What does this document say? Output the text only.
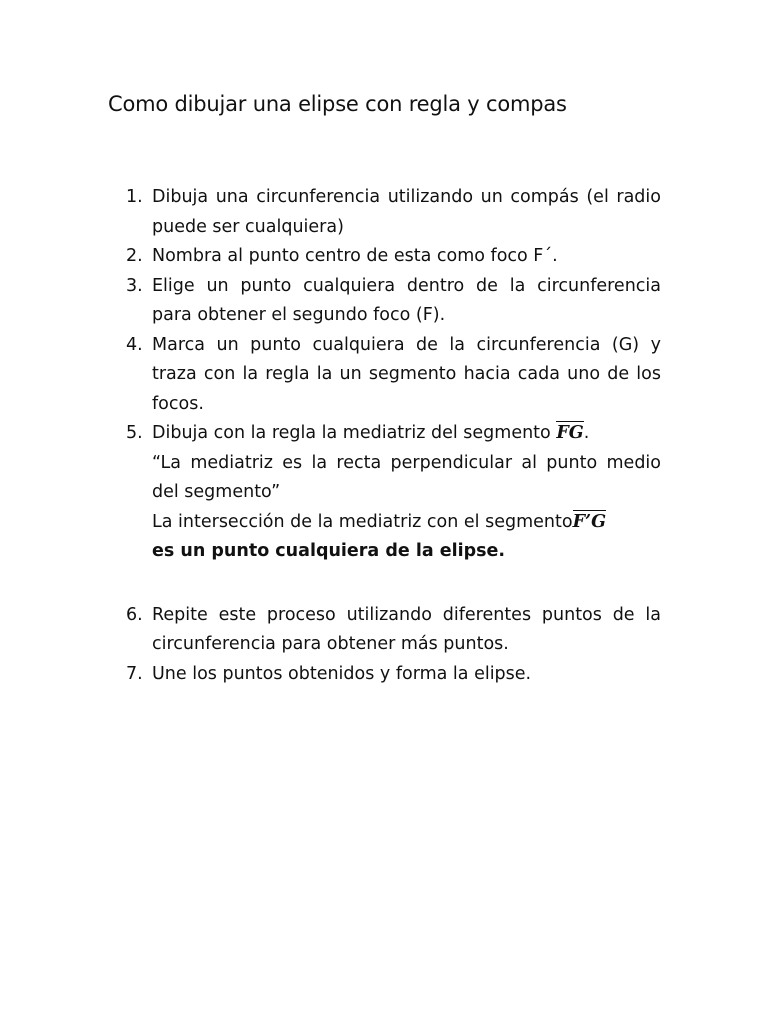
Como dibujar una elipse con regla y compas
1. Dibuja una circunferencia utilizando un compás (el radio puede ser cualquiera)
2. Nombra al punto centro de esta como foco F´.
3. Elige un punto cualquiera dentro de la circunferencia para obtener el segundo foco (F).
4. Marca un punto cualquiera de la circunferencia (G) y traza con la regla la un segmento hacia cada uno de los focos.
5. Dibuja con la regla la mediatriz del segmento FG.

“La mediatriz es la recta perpendicular al punto medio del segmento”

La intersección de la mediatriz con el segmentoF’G

es un punto cualquiera de la elipse.

6. Repite este proceso utilizando diferentes puntos de la circunferencia para obtener más puntos.
7. Une los puntos obtenidos y forma la elipse.
